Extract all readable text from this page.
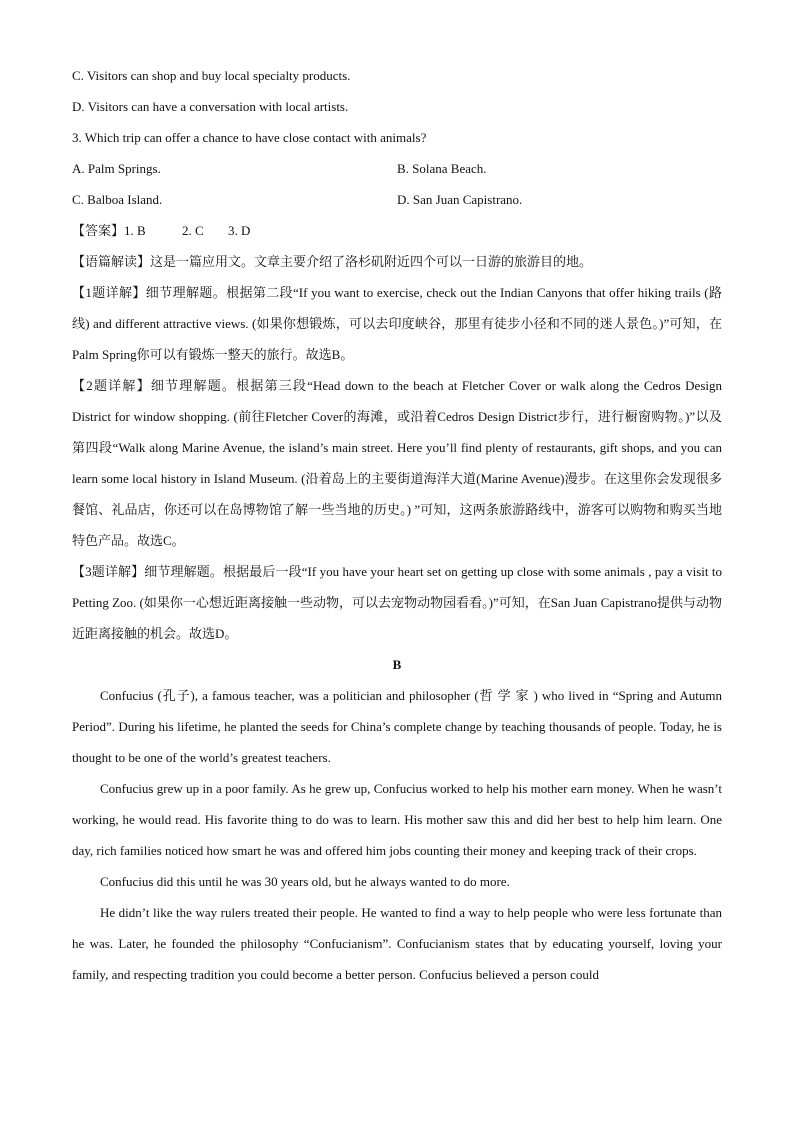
C. Visitors can shop and buy local specialty products.
D. Visitors can have a conversation with local artists.
3. Which trip can offer a chance to have close contact with animals?
A. Palm Springs.	B. Solana Beach.
C. Balboa Island.	D. San Juan Capistrano.
【答案】1. B	2. C 3. D
【语篇解读】这是一篇应用文。文章主要介绍了洛杉矶附近四个可以一日游的旅游目的地。

【1题详解】细节理解题。根据第二段“If you want to exercise, check out the Indian Canyons that offer hiking trails (路线) and different attractive views. (如果你想锻炼，可以去印度峡谷，那里有徒步小径和不同的迷人景色。)”可知，在Palm Spring你可以有锻炼一整天的旅行。故选B。

【2题详解】细节理解题。根据第三段“Head down to the beach at Fletcher Cover or walk along the Cedros Design District for window shopping. (前往Fletcher Cover的海滩，或沿着Cedros Design District步行，进行橱窗购物。)”以及第四段“Walk along Marine Avenue, the island’s main street. Here you’ll find plenty of restaurants, gift shops, and you can learn some local history in Island Museum. (沿着岛上的主要街道海洋大道(Marine Avenue)漫步。在这里你会发现很多餐馆、礼品店，你还可以在岛博物馆了解一些当地的历史。) ”可知，这两条旅游路线中，游客可以购物和购买当地特色产品。故选C。

【3题详解】细节理解题。根据最后一段“If you have your heart set on getting up close with some animals , pay a visit to Petting Zoo. (如果你一心想近距离接触一些动物，可以去宠物动物园看看。)”可知，在San Juan Capistrano提供与动物近距离接触的机会。故选D。

B

Confucius (孔子), a famous teacher, was a politician and philosopher (哲 学 家 ) who lived in “Spring and Autumn Period”. During his lifetime, he planted the seeds for China’s complete change by teaching thousands of people. Today, he is thought to be one of the world’s greatest teachers.

Confucius grew up in a poor family. As he grew up, Confucius worked to help his mother earn money. When he wasn’t working, he would read. His favorite thing to do was to learn. His mother saw this and did her best to help him learn. One day, rich families noticed how smart he was and offered him jobs counting their money and keeping track of their crops.

Confucius did this until he was 30 years old, but he always wanted to do more.

He didn’t like the way rulers treated their people. He wanted to find a way to help people who were less fortunate than he was. Later, he founded the philosophy “Confucianism”. Confucianism states that by educating yourself, loving your family, and respecting tradition you could become a better person. Confucius believed a person could
